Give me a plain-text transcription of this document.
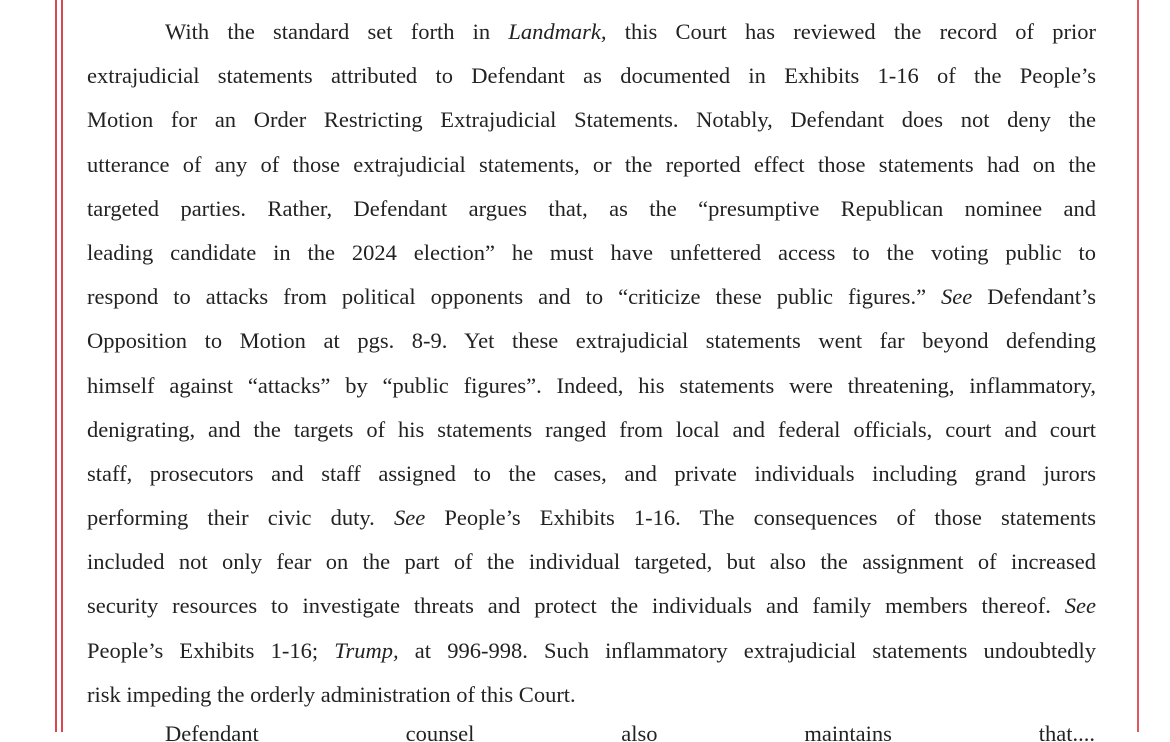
With the standard set forth in Landmark, this Court has reviewed the record of prior
extrajudicial statements attributed to Defendant as documented in Exhibits 1-16 of the People’s
Motion for an Order Restricting Extrajudicial Statements. Notably, Defendant does not deny the
utterance of any of those extrajudicial statements, or the reported effect those statements had on the
targeted parties. Rather, Defendant argues that, as the “presumptive Republican nominee and
leading candidate in the 2024 election” he must have unfettered access to the voting public to
respond to attacks from political opponents and to “criticize these public figures.” See Defendant’s
Opposition to Motion at pgs. 8-9. Yet these extrajudicial statements went far beyond defending
himself against “attacks” by “public figures”. Indeed, his statements were threatening, inflammatory,
denigrating, and the targets of his statements ranged from local and federal officials, court and court
staff, prosecutors and staff assigned to the cases, and private individuals including grand jurors
performing their civic duty. See People’s Exhibits 1-16. The consequences of those statements
included not only fear on the part of the individual targeted, but also the assignment of increased
security resources to investigate threats and protect the individuals and family members thereof. See
People’s Exhibits 1-16; Trump, at 996-998. Such inflammatory extrajudicial statements undoubtedly
risk impeding the orderly administration of this Court.
Defendant counsel also maintains that....
